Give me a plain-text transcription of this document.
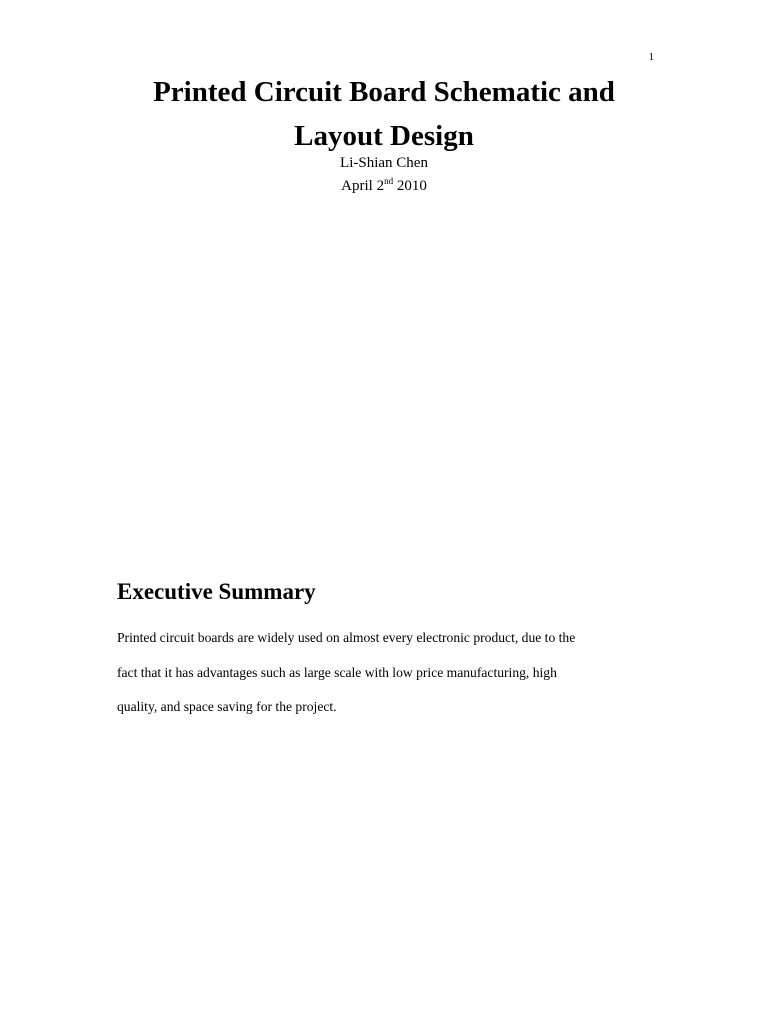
1
Printed Circuit Board Schematic and
Layout Design
Li-Shian Chen
April 2nd 2010
Executive Summary

Printed circuit boards are widely used on almost every electronic product, due to the
fact that it has advantages such as large scale with low price manufacturing, high
quality, and space saving for the project.
